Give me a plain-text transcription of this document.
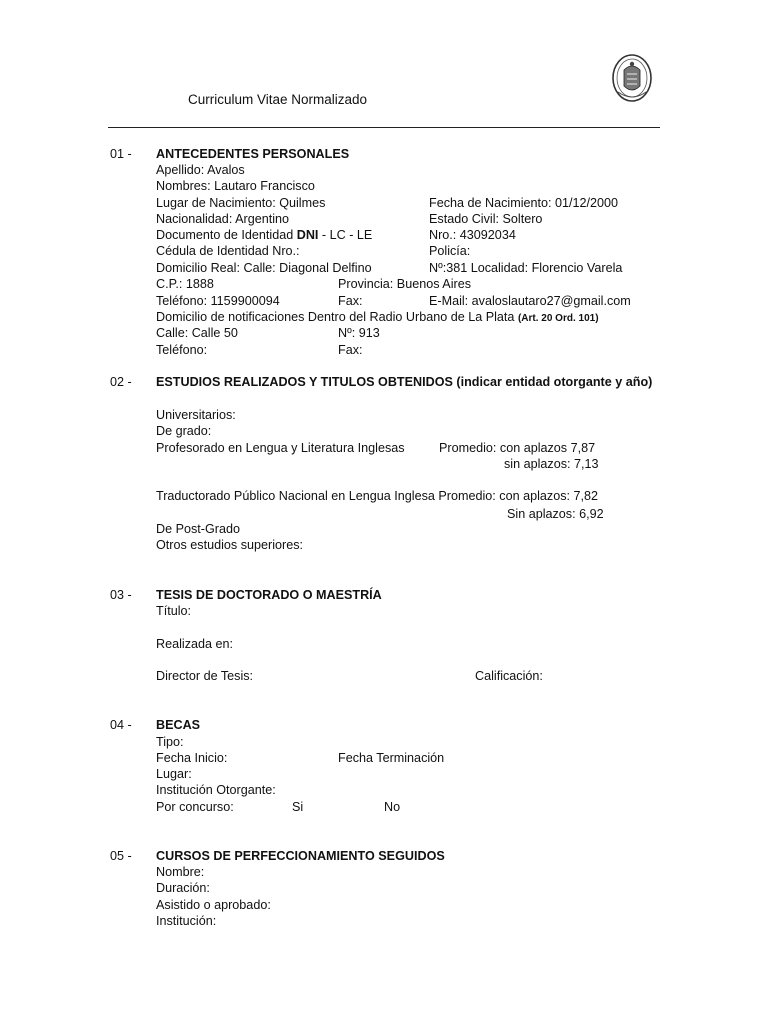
Curriculum Vitae Normalizado
01 - ANTECEDENTES PERSONALES
Apellido: Avalos
Nombres: Lautaro Francisco
Lugar de Nacimiento: Quilmes	Fecha de Nacimiento: 01/12/2000
Nacionalidad: Argentino	Estado Civil: Soltero
Documento de Identidad DNI - LC - LE	Nro.: 43092034
Cédula de Identidad Nro.:	Policía:
Domicilio Real: Calle: Diagonal Delfino	Nº:381 Localidad: Florencio Varela
C.P.: 1888	Provincia: Buenos Aires
Teléfono: 1159900094	Fax:	E-Mail: avaloslautaro27@gmail.com
Domicilio de notificaciones Dentro del Radio Urbano de La Plata (Art. 20 Ord. 101)
Calle: Calle 50	Nº: 913
Teléfono:	Fax:
02 - ESTUDIOS REALIZADOS Y TITULOS OBTENIDOS (indicar entidad otorgante y año)
Universitarios:
De grado:
Profesorado en Lengua y Literatura Inglesas	Promedio: con aplazos 7,87
sin aplazos: 7,13
Traductorado Público Nacional en Lengua Inglesa Promedio: con aplazos: 7,82
Sin aplazos: 6,92
De Post-Grado
Otros estudios superiores:
03 - TESIS DE DOCTORADO O MAESTRÍA
Título:
Realizada en:
Director de Tesis:	Calificación:
04 - BECAS
Tipo:
Fecha Inicio:	Fecha Terminación
Lugar:
Institución Otorgante:
Por concurso:	Si	No
05 - CURSOS DE PERFECCIONAMIENTO SEGUIDOS
Nombre:
Duración:
Asistido o aprobado:
Institución:
